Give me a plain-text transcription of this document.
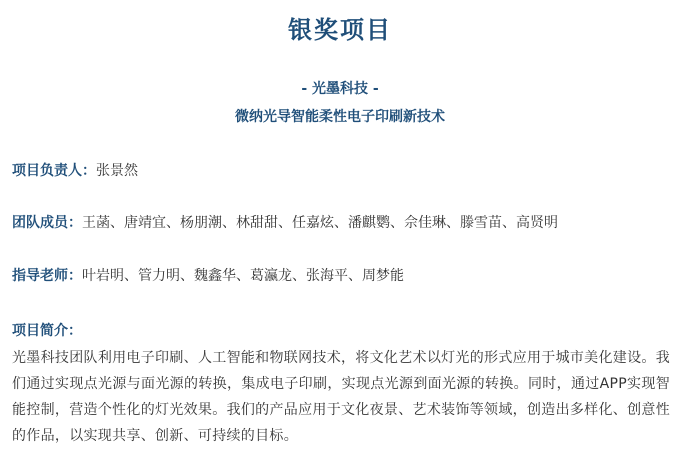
银奖项目
- 光墨科技 -
微纳光导智能柔性电子印刷新技术
项目负责人：张景然
团队成员：王菡、唐靖宜、杨朋潮、林甜甜、任嘉炫、潘麒鹦、佘佳琳、滕雪苗、高贤明
指导老师：叶岩明、管力明、魏鑫华、葛瀛龙、张海平、周梦能
项目简介：
光墨科技团队利用电子印刷、人工智能和物联网技术，将文化艺术以灯光的形式应用于城市美化建设。我们通过实现点光源与面光源的转换，集成电子印刷，实现点光源到面光源的转换。同时，通过APP实现智能控制，营造个性化的灯光效果。我们的产品应用于文化夜景、艺术装饰等领域，创造出多样化、创意性的作品，以实现共享、创新、可持续的目标。
